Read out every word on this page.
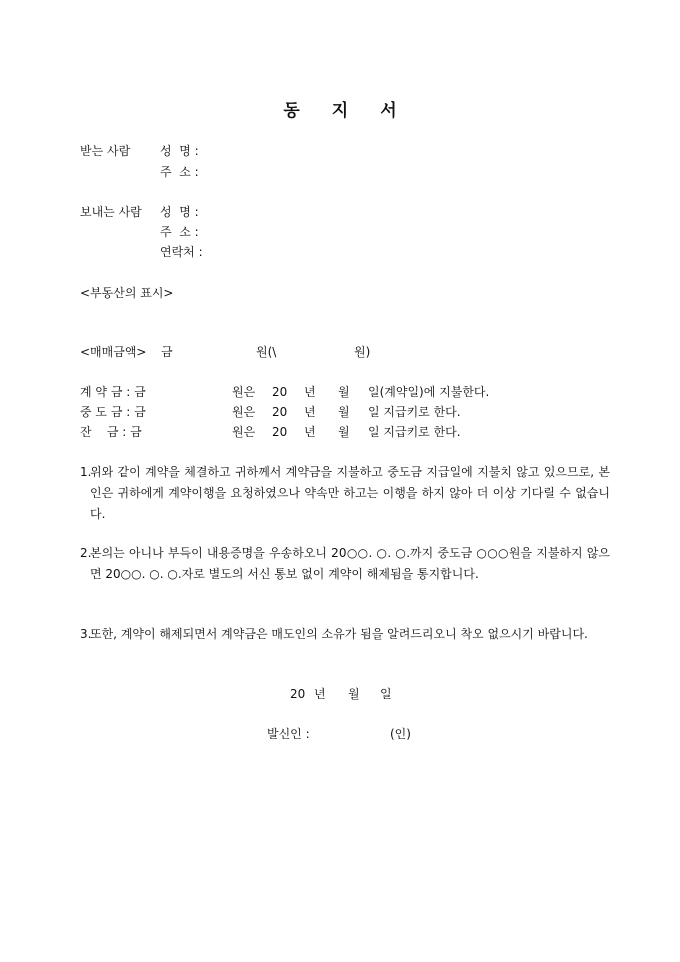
동 지 서
받는 사람 성  명 :
주  소 :
보내는 사람 성  명 :
주  소 :
연락처 :
<부동산의 표시>
<매매금액> 금	원(\	원)
계 약 금 : 금	원은 20 년 월 일(계약일)에 지불한다.
중 도 금 : 금	원은 20 년 월 일 지급키로 한다.
잔    금 : 금	원은 20 년 월 일 지급키로 한다.
1.
위와 같이 계약을 체결하고 귀하께서 계약금을 지불하고 중도금 지급일에 지불치 않고 있으므로, 본인은 귀하에게 계약이행을 요청하였으나 약속만 하고는 이행을 하지 않아 더 이상 기다릴 수 없습니다.
2.
본의는 아니나 부득이 내용증명을 우송하오니 20○○. ○. ○.까지 중도금 ○○○원을 지불하지 않으면 20○○. ○. ○.자로 별도의 서신 통보 없이 계약이 해제됨을 통지합니다.
3.
또한, 계약이 해제되면서 계약금은 매도인의 소유가 됨을 알려드리오니 착오 없으시기 바랍니다.
20 년 월 일
발신인 :	(인)
